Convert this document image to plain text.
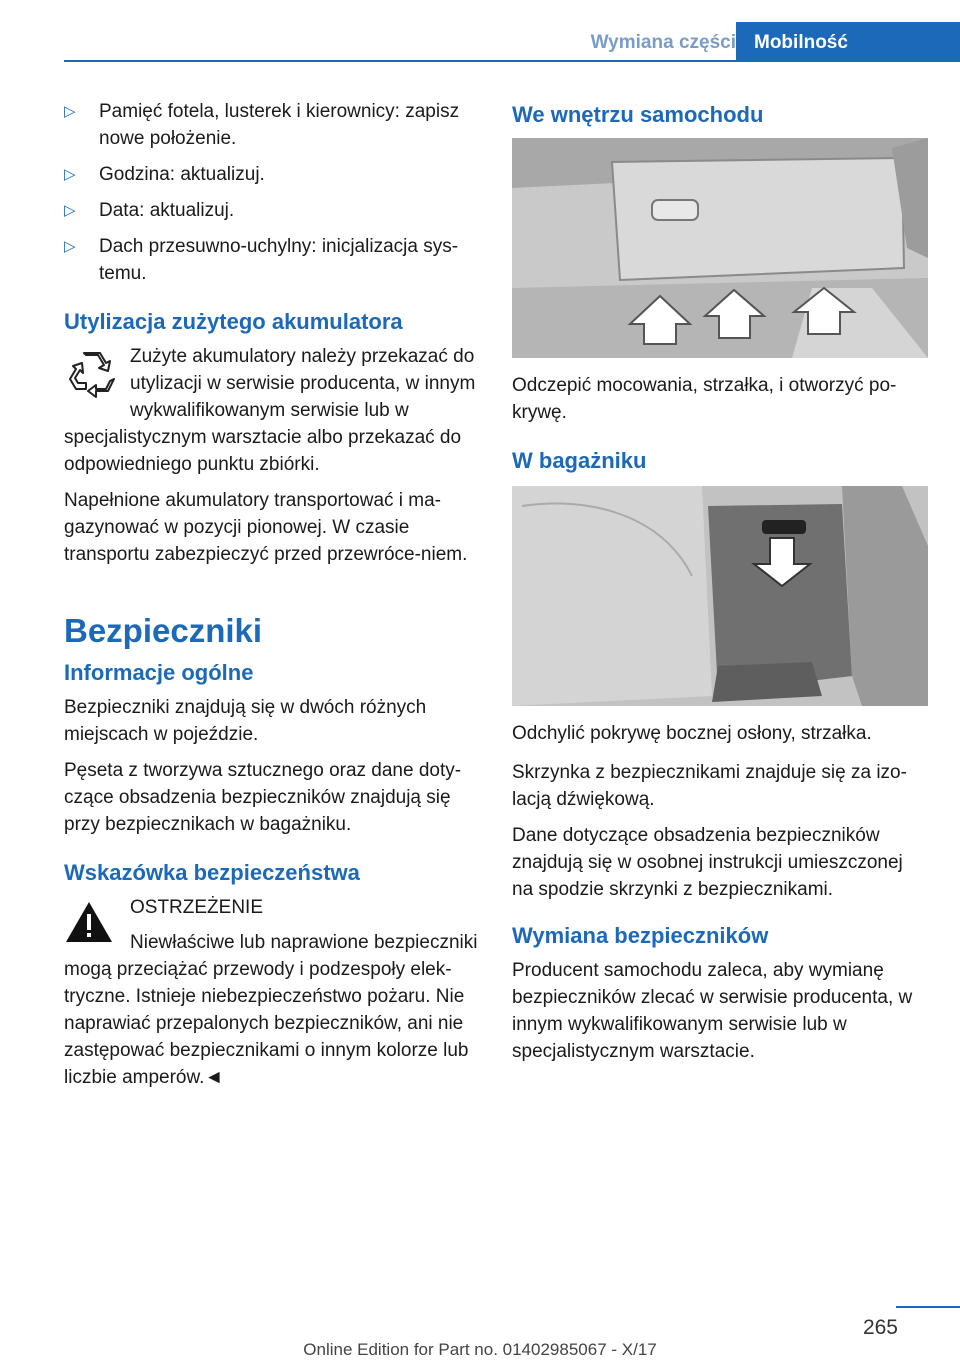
Wymiana części Mobilność
▷ Pamięć fotela, lusterek i kierownicy: zapisz nowe położenie.
▷ Godzina: aktualizuj.
▷ Data: aktualizuj.
▷ Dach przesuwno-uchylny: inicjalizacja sys‐temu.
Utylizacja zużytego akumulatora

Zużyte akumulatory należy przekazać do utylizacji w serwisie producenta, w innym wykwalifikowanym serwisie lub w specjalistycznym warsztacie albo przekazać do odpowiedniego punktu zbiórki.

Napełnione akumulatory transportować i ma‐gazynować w pozycji pionowej. W czasie transportu zabezpieczyć przed przewróce‐niem.

Bezpieczniki
Informacje ogólne

Bezpieczniki znajdują się w dwóch różnych miejscach w pojeździe.

Pęseta z tworzywa sztucznego oraz dane doty‐czące obsadzenia bezpieczników znajdują się przy bezpiecznikach w bagażniku.

Wskazówka bezpieczeństwa
OSTRZEŻENIE

Niewłaściwe lub naprawione bezpieczniki mogą przeciążać przewody i podzespoły elek‐tryczne. Istnieje niebezpieczeństwo pożaru. Nie naprawiać przepalonych bezpieczników, ani nie zastępować bezpiecznikami o innym kolorze lub liczbie amperów.◄

We wnętrzu samochodu

Odczepić mocowania, strzałka, i otworzyć po‐krywę.

W bagażniku

Odchylić pokrywę bocznej osłony, strzałka.

Skrzynka z bezpiecznikami znajduje się za izo‐lacją dźwiękową.

Dane dotyczące obsadzenia bezpieczników znajdują się w osobnej instrukcji umieszczonej na spodzie skrzynki z bezpiecznikami.

Wymiana bezpieczników

Producent samochodu zaleca, aby wymianę bezpieczników zlecać w serwisie producenta, w innym wykwalifikowanym serwisie lub w specjalistycznym warsztacie.

265
Online Edition for Part no. 01402985067 - X/17
